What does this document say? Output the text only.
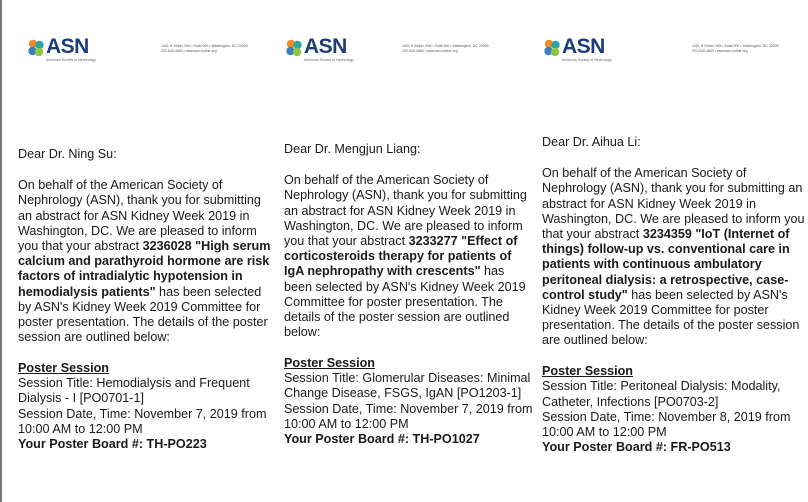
ASN
American Society of Nephrology
1401 H Street, NW • Suite 900 • Washington, DC 20005
202-640-4660 • www.asn-online.org

Dear Dr. Ning Su:

On behalf of the American Society of Nephrology (ASN), thank you for submitting an abstract for ASN Kidney Week 2019 in Washington, DC. We are pleased to inform you that your abstract 3236028 "High serum calcium and parathyroid hormone are risk factors of intradialytic hypotension in hemodialysis patients" has been selected by ASN's Kidney Week 2019 Committee for poster presentation. The details of the poster session are outlined below:

Poster Session

Session Title: Hemodialysis and Frequent Dialysis - I [PO0701-1]

Session Date, Time: November 7, 2019 from 10:00 AM to 12:00 PM

Your Poster Board #: TH-PO223

ASN
American Society of Nephrology
1401 H Street, NW • Suite 900 • Washington, DC 20005
202-640-4660 • www.asn-online.org

Dear Dr. Mengjun Liang:

On behalf of the American Society of Nephrology (ASN), thank you for submitting an abstract for ASN Kidney Week 2019 in Washington, DC. We are pleased to inform you that your abstract 3233277 "Effect of corticosteroids therapy for patients of IgA nephropathy with crescents" has been selected by ASN's Kidney Week 2019 Committee for poster presentation. The details of the poster session are outlined below:

Poster Session

Session Title: Glomerular Diseases: Minimal Change Disease, FSGS, IgAN [PO1203-1]

Session Date, Time: November 7, 2019 from 10:00 AM to 12:00 PM

Your Poster Board #: TH-PO1027

ASN
American Society of Nephrology
1401 H Street, NW • Suite 900 • Washington, DC 20005
202-640-4660 • www.asn-online.org

Dear Dr. Aihua Li:

On behalf of the American Society of Nephrology (ASN), thank you for submitting an abstract for ASN Kidney Week 2019 in Washington, DC. We are pleased to inform you that your abstract 3234359 "IoT (Internet of things) follow-up vs. conventional care in patients with continuous ambulatory peritoneal dialysis: a retrospective, case-control study" has been selected by ASN's Kidney Week 2019 Committee for poster presentation. The details of the poster session are outlined below:

Poster Session

Session Title: Peritoneal Dialysis: Modality, Catheter, Infections [PO0703-2]

Session Date, Time: November 8, 2019 from 10:00 AM to 12:00 PM

Your Poster Board #: FR-PO513
